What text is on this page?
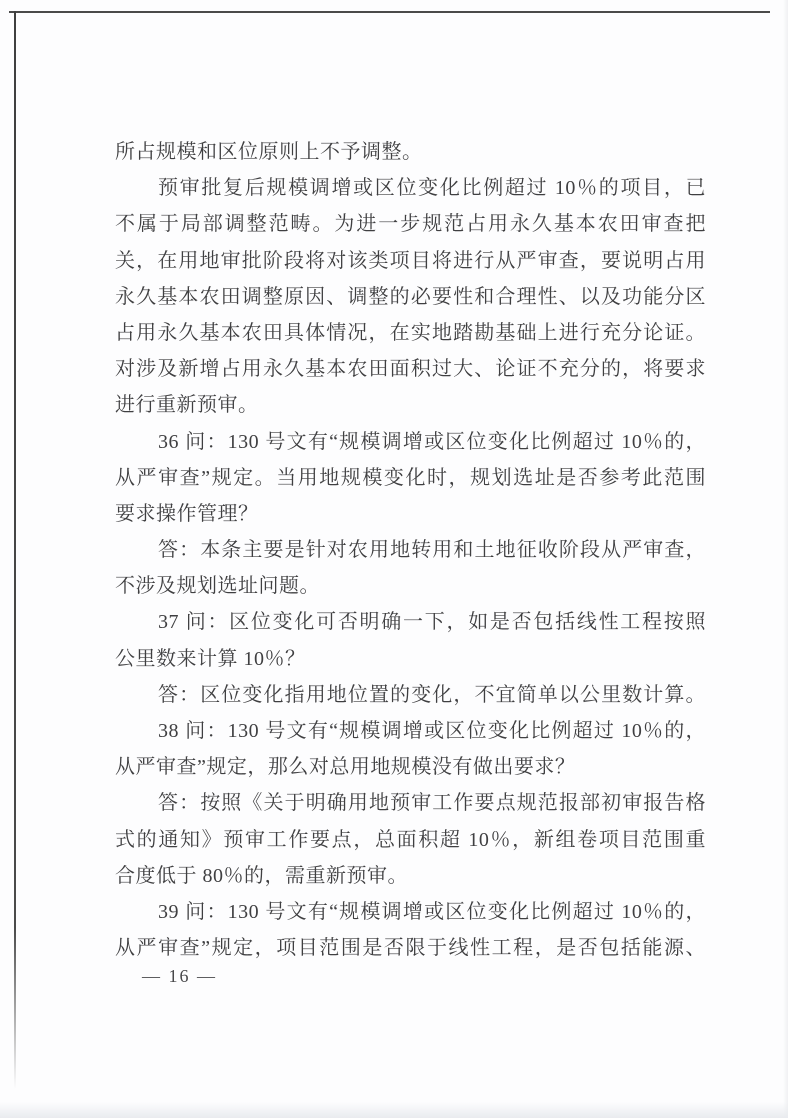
所占规模和区位原则上不予调整。
预审批复后规模调增或区位变化比例超过 10％的项目，已
不属于局部调整范畴。为进一步规范占用永久基本农田审查把
关，在用地审批阶段将对该类项目将进行从严审查，要说明占用
永久基本农田调整原因、调整的必要性和合理性、以及功能分区
占用永久基本农田具体情况，在实地踏勘基础上进行充分论证。
对涉及新增占用永久基本农田面积过大、论证不充分的，将要求
进行重新预审。
36 问：130 号文有“规模调增或区位变化比例超过 10％的，
从严审查”规定。当用地规模变化时，规划选址是否参考此范围
要求操作管理？
答：本条主要是针对农用地转用和土地征收阶段从严审查，
不涉及规划选址问题。
37 问：区位变化可否明确一下，如是否包括线性工程按照
公里数来计算 10％？
答：区位变化指用地位置的变化，不宜简单以公里数计算。
38 问：130 号文有“规模调增或区位变化比例超过 10％的，
从严审查”规定，那么对总用地规模没有做出要求？
答：按照《关于明确用地预审工作要点规范报部初审报告格
式的通知》预审工作要点，总面积超 10％，新组卷项目范围重
合度低于 80％的，需重新预审。
39 问：130 号文有“规模调增或区位变化比例超过 10％的，
从严审查”规定，项目范围是否限于线性工程，是否包括能源、
— 16 —
